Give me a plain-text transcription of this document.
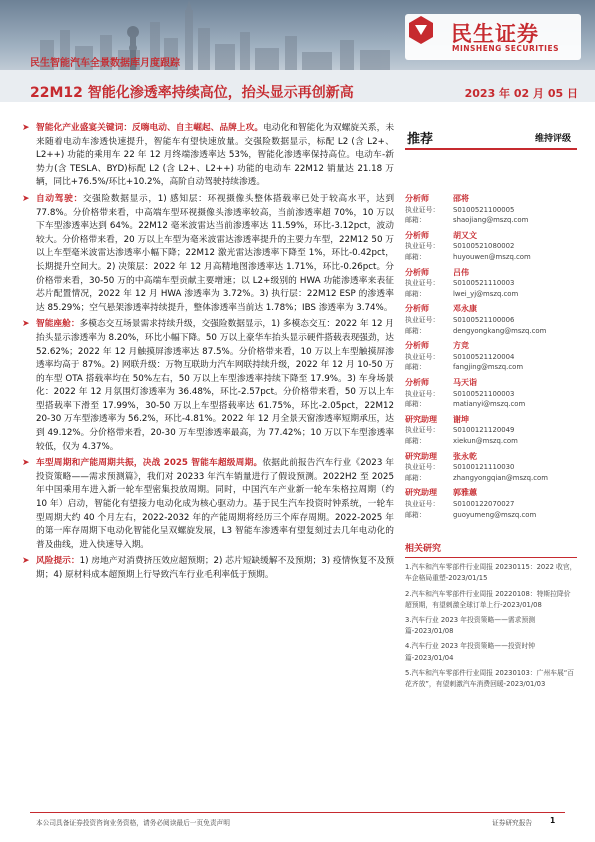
民生证券
MINSHENG SECURITIES
民生智能汽车全景数据库月度跟踪
22M12 智能化渗透率持续高位，抬头显示再创新高	2023 年 02 月 05 日
➤ 智能化产业盛宴关键词：反嗨电动、自主崛起、品牌上攻。电动化和智能化为双螺旋关系，未来随着电动车渗透快速提升，智能车有望快速放量。交强险数据显示，标配 L2 (含 L2+、L2++) 功能的乘用车 22 年 12 月终端渗透率达 53%，智能化渗透率保持高位。电动车-新势力(含 TESLA、BYD)标配 L2 (含 L2+、L2++) 功能的电动车 22M12 销量达 21.18 万辆，同比+76.5%/环比+10.2%，高阶自动驾驶持续渗透。
➤ 自动驾驶：交强险数据显示，1) 感知层：环视摄像头整体搭载率已处于较高水平，达到 77.8%。分价格带来看，中高端车型环视摄像头渗透率较高，当前渗透率超 70%，10 万以下车型渗透率达到 64%。22M12 毫米波雷达当前渗透率达 11.59%，环比-3.12pct，波动较大。分价格带来看，20 万以上车型为毫米波雷达渗透率提升的主要力车型，22M12 50 万以上车型毫米波雷达渗透率小幅下降；22M12 激光雷达渗透率下降至 1%，环比-0.42pct，长期提升空间大。2) 决策层：2022 年 12 月高精地图渗透率达 1.71%，环比-0.26pct。分价格带来看，30-50 万的中高端车型贡献主要增速；以 L2+级别的 HWA 功能渗透率来表征芯片配置情况，2022 年 12 月 HWA 渗透率为 3.72%。3) 执行层：22M12 ESP 的渗透率达 85.29%；空气悬架渗透率持续提升，整体渗透率当前达 1.78%；IBS 渗透率为 3.74%。
➤ 智能座舱：多模态交互场景需求持续升级，交强险数据显示，1) 多模态交互：2022 年 12 月抬头显示渗透率为 8.20%，环比小幅下降。50 万以上豪华车抬头显示硬件搭载表现强劲，达 52.62%；2022 年 12 月触摸屏渗透率达 87.5%。分价格带来看，10 万以上车型触摸屏渗透率均高于 87%。2) 网联升级：万物互联助力汽车网联持续升级，2022 年 12 月 10-50 万的车型 OTA 搭载率均在 50%左右，50 万以上车型渗透率持续下降至 17.9%。3) 车身场景化：2022 年 12 月氛围灯渗透率为 36.48%，环比-2.57pct。分价格带来看，50 万以上车型搭载率下滑至 17.99%，30-50 万以上车型搭载率达 61.75%，环比-2.05pct，22M12 20-30 万车型渗透率为 56.2%，环比-4.81%。2022 年 12 月全景天窗渗透率短期承压，达到 49.12%。分价格带来看，20-30 万车型渗透率最高，为 77.42%；10 万以下车型渗透率较低，仅为 4.37%。
➤ 车型周期和产能周期共振，决战 2025 智能车超级周期。依据此前报告汽车行业《2023 年投资策略——需求预测篇》，我们对 20233 年汽车销量进行了假设预测。2022H2 至 2025 年中国乘用车进入新一轮车型密集投放周期。同时，中国汽车产业新一轮车朱格拉周期（约 10 年）启动，智能化有望接力电动化成为核心驱动力。基于民生汽车投资时钟系统，一轮车型周期大约 40 个月左右，2022-2032 年的产能周期将经历三个库存周期。2022-2025 年的第一库存周期下电动化智能化呈双螺旋发展，L3 智能车渗透率有望复刻过去几年电动化的普及曲线，进入快速导入期。
➤ 风险提示：1) 房地产对消费挤压效应超预期；2) 芯片短缺缓解不及预期；3) 疫情恢复不及预期；4) 原材料成本超预期上行导致汽车行业毛利率低于预期。
推荐	维持评级
分析师	邵将
执业证号：	S0100521100005
邮箱：	shaojiang@mszq.com
分析师	胡又文
执业证号：	S0100521080002
邮箱：	huyouwen@mszq.com
分析师	吕伟
执业证号：	S0100521110003
邮箱：	lwei_yj@mszq.com
分析师	邓永康
执业证号：	S0100521100006
邮箱：	dengyongkang@mszq.com
分析师	方竞
执业证号：	S0100521120004
邮箱：	fangjing@mszq.com
分析师	马天诣
执业证号：	S0100521100003
邮箱：	matianyi@mszq.com
研究助理	谢坤
执业证号：	S0100121120049
邮箱：	xiekun@mszq.com
研究助理	张永乾
执业证号：	S0100121110030
邮箱：	zhangyongqian@mszq.com
研究助理	郭雅蕙
执业证号：	S0100122070027
邮箱：	guoyumeng@mszq.com
相关研究
1.汽车和汽车零部件行业周报 20230115：2022 收官，车企格局重塑-2023/01/15
2.汽车和汽车零部件行业周报 20220108：特斯拉降价超预期，有望刺激全球订单上行-2023/01/08
3.汽车行业 2023 年投资策略——需求预测篇-2023/01/08
4.汽车行业 2023 年投资策略——投资时钟篇-2023/01/04
5.汽车和汽车零部件行业周报 20230103：广州车展“百花齐放”，有望刺激汽车消费回暖-2023/01/03
本公司具备证券投资咨询业务资格，请务必阅读最后一页免责声明	证券研究报告 1
